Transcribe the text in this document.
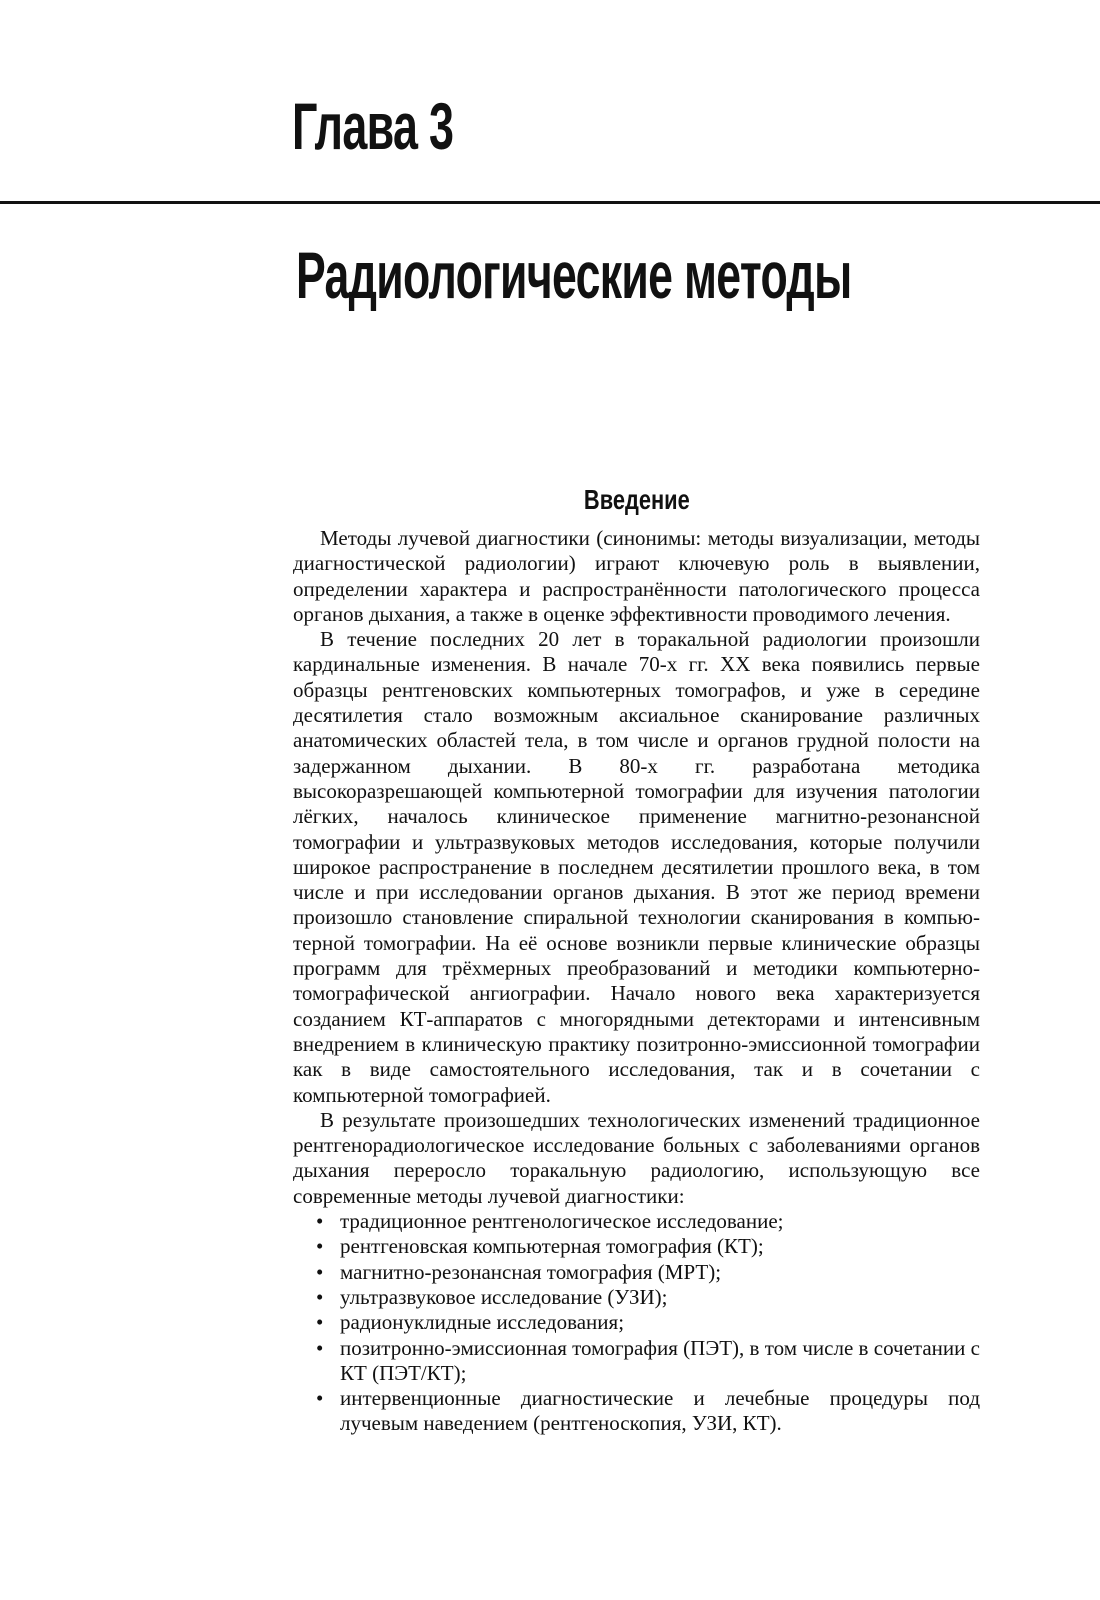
Глава 3
Радиологические методы
Введение

Методы лучевой диагностики (синонимы: методы визуализации, методы диагностической радиологии) играют ключевую роль в выявлении, определении характера и распространённости патологического процесса органов дыхания, а также в оценке эффективности проводимого лечения.

В течение последних 20 лет в торакальной радиологии произошли кардинальные изменения. В начале 70-х гг. XX века появились первые образцы рентгеновских компьютерных томографов, и уже в середине десятилетия стало возможным аксиальное сканирование различных анатомических областей тела, в том числе и органов грудной полости на задержанном дыхании. В 80-х гг. разработана методика высокоразрешающей компьютерной томографии для изучения патологии лёгких, началось клиническое применение магнитно-резонансной томографии и ультразвуковых методов исследования, которые получили широкое распространение в последнем десятилетии прошлого века, в том числе и при исследовании органов дыхания. В этот же период времени произошло становление спиральной технологии сканирования в компьютерной томографии. На её основе возникли первые клинические образцы программ для трёхмерных преобразований и методики компьютерно-томографической ангиографии. Начало нового века характеризуется созданием КТ-аппаратов с многорядными детекторами и интенсивным внедрением в клиническую практику позитронно-эмиссионной томографии как в виде самостоятельного исследования, так и в сочетании с компьютерной томографией.

В результате произошедших технологических изменений традиционное рентгенорадиологическое исследование больных с заболеваниями органов дыхания переросло торакальную радиологию, использующую все современные методы лучевой диагностики:

• традиционное рентгенологическое исследование;
• рентгеновская компьютерная томография (КТ);
• магнитно-резонансная томография (МРТ);
• ультразвуковое исследование (УЗИ);
• радионуклидные исследования;
• позитронно-эмиссионная томография (ПЭТ), в том числе в сочетании с КТ (ПЭТ/КТ);
• интервенционные диагностические и лечебные процедуры под лучевым наведением (рентгеноскопия, УЗИ, КТ).
